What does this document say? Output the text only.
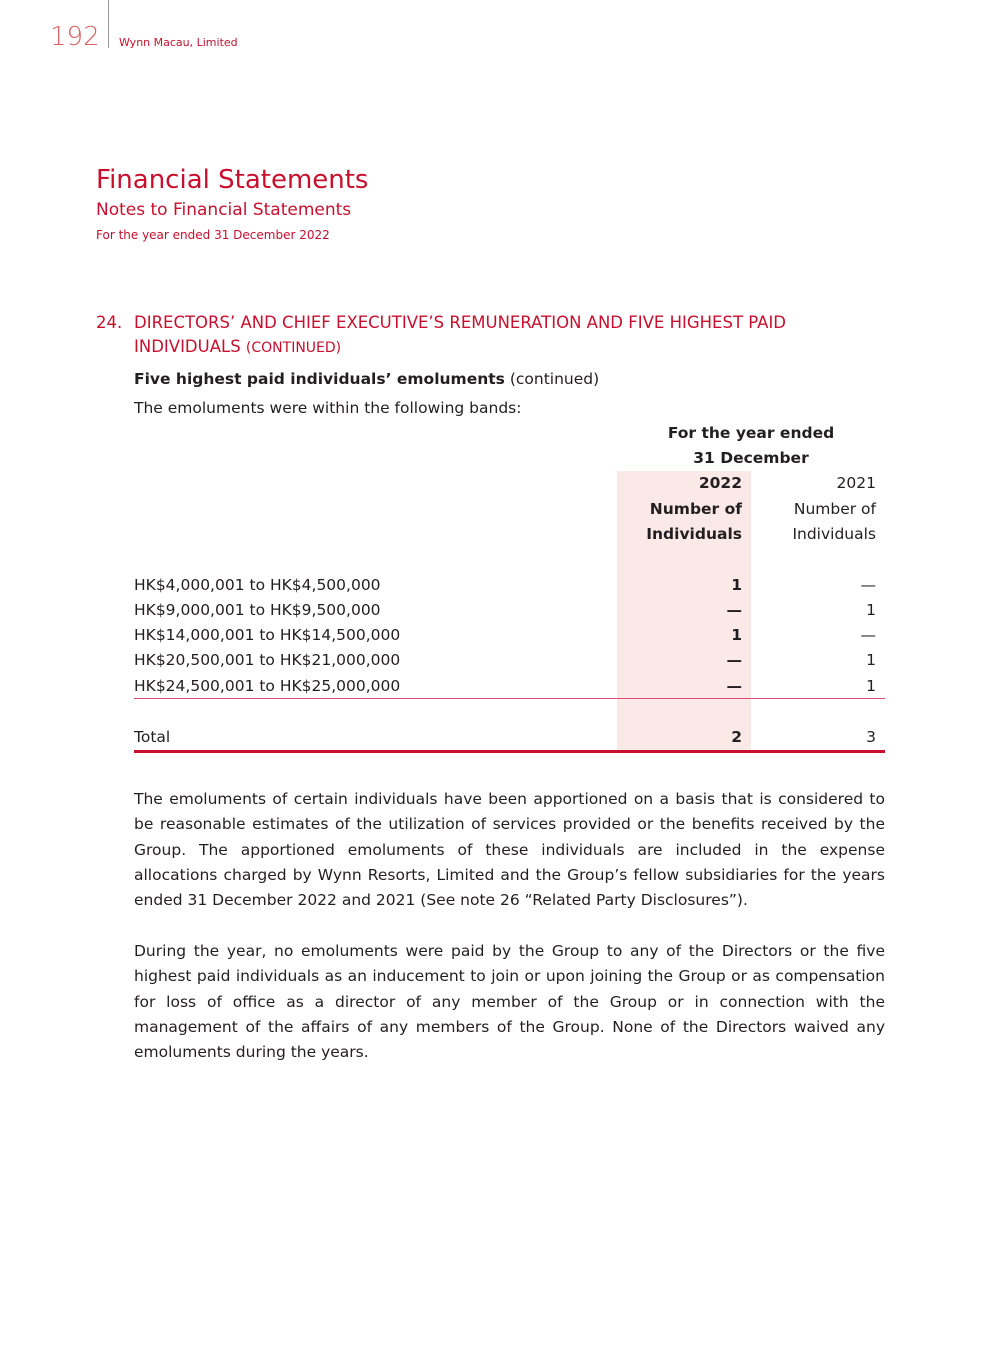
192 Wynn Macau, Limited
Financial Statements
Notes to Financial Statements
For the year ended 31 December 2022
24. DIRECTORS’ AND CHIEF EXECUTIVE’S REMUNERATION AND FIVE HIGHEST PAID INDIVIDUALS (CONTINUED)
Five highest paid individuals’ emoluments (continued)
The emoluments were within the following bands:
For the year ended
31 December
2022
Number of
Individuals
2021
Number of
Individuals
HK$4,000,001 to HK$4,500,000	1	—
HK$9,000,001 to HK$9,500,000	—	1
HK$14,000,001 to HK$14,500,000	1	—
HK$20,500,001 to HK$21,000,000	—	1
HK$24,500,001 to HK$25,000,000	—	1
Total	2	3
The emoluments of certain individuals have been apportioned on a basis that is considered to be reasonable estimates of the utilization of services provided or the benefits received by the Group. The apportioned emoluments of these individuals are included in the expense allocations charged by Wynn Resorts, Limited and the Group’s fellow subsidiaries for the years ended 31 December 2022 and 2021 (See note 26 “Related Party Disclosures”).
During the year, no emoluments were paid by the Group to any of the Directors or the five highest paid individuals as an inducement to join or upon joining the Group or as compensation for loss of office as a director of any member of the Group or in connection with the management of the affairs of any members of the Group. None of the Directors waived any emoluments during the years.
